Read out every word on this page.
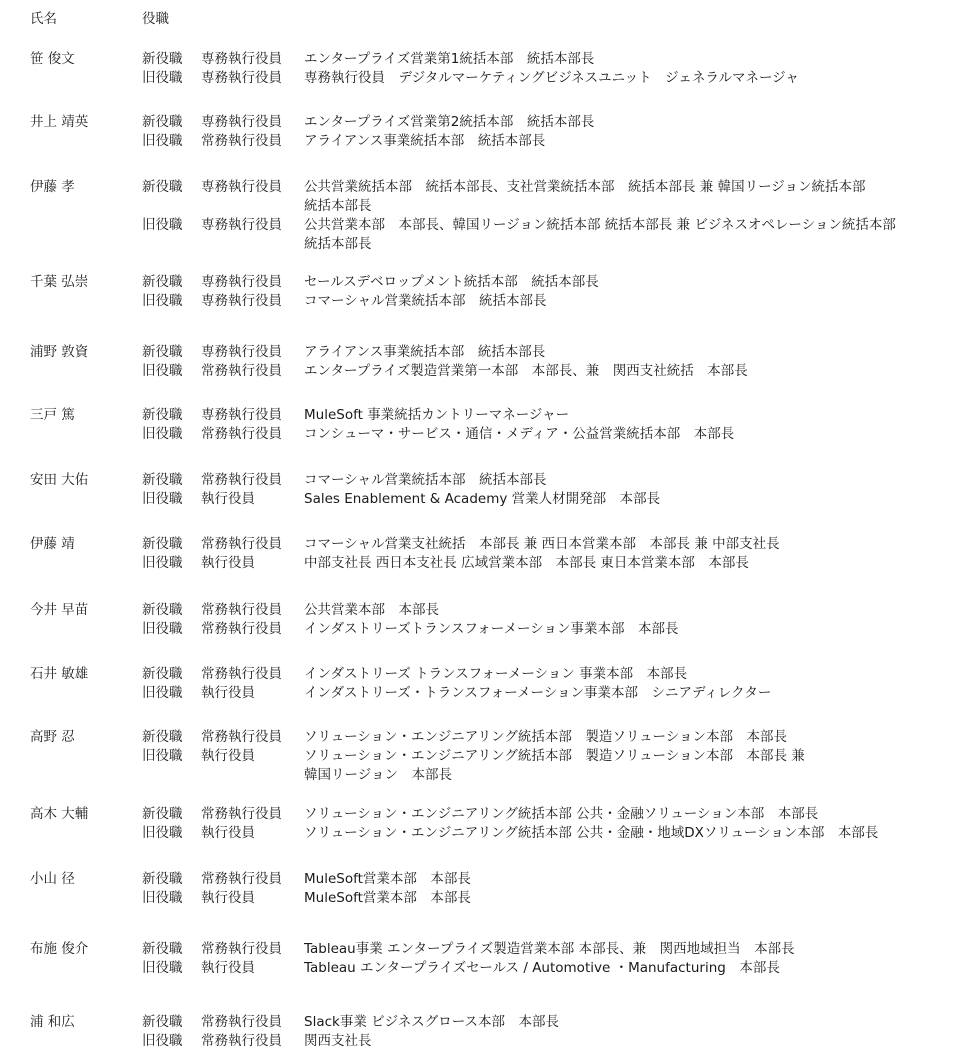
氏名	役職
笹 俊文	新役職 専務執行役員 エンタープライズ営業第1統括本部　統括本部長
旧役職 専務執行役員 専務執行役員　デジタルマーケティングビジネスユニット　ジェネラルマネージャ
井上 靖英	新役職 専務執行役員 エンタープライズ営業第2統括本部　統括本部長
旧役職 常務執行役員 アライアンス事業統括本部　統括本部長
伊藤 孝	新役職 専務執行役員 公共営業統括本部　統括本部長、支社営業統括本部　統括本部長 兼 韓国リージョン統括本部
統括本部長
旧役職 専務執行役員 公共営業本部　本部長、韓国リージョン統括本部 統括本部長 兼 ビジネスオペレーション統括本部
統括本部長
千葉 弘崇	新役職 専務執行役員 セールスデベロップメント統括本部　統括本部長
旧役職 専務執行役員 コマーシャル営業統括本部　統括本部長
浦野 敦資	新役職 専務執行役員 アライアンス事業統括本部　統括本部長
旧役職 常務執行役員 エンタープライズ製造営業第一本部　本部長、兼　関西支社統括　本部長
三戸 篤	新役職 専務執行役員 MuleSoft 事業統括カントリーマネージャー
旧役職 常務執行役員 コンシューマ・サービス・通信・メディア・公益営業統括本部　本部長
安田 大佑	新役職 常務執行役員 コマーシャル営業統括本部　統括本部長
旧役職 執行役員	Sales Enablement & Academy 営業人材開発部　本部長
伊藤 靖	新役職 常務執行役員 コマーシャル営業支社統括　本部長 兼 西日本営業本部　本部長 兼 中部支社長
旧役職 執行役員	中部支社長 西日本支社長 広域営業本部　本部長 東日本営業本部　本部長
今井 早苗	新役職 常務執行役員 公共営業本部　本部長
旧役職 常務執行役員 インダストリーズトランスフォーメーション事業本部　本部長
石井 敏雄	新役職 常務執行役員 インダストリーズ トランスフォーメーション 事業本部　本部長
旧役職 執行役員	インダストリーズ・トランスフォーメーション事業本部　シニアディレクター
高野 忍	新役職 常務執行役員 ソリューション・エンジニアリング統括本部　製造ソリューション本部　本部長
旧役職 執行役員	ソリューション・エンジニアリング統括本部　製造ソリューション本部　本部長 兼
韓国リージョン　本部長
高木 大輔	新役職 常務執行役員 ソリューション・エンジニアリング統括本部 公共・金融ソリューション本部　本部長
旧役職 執行役員	ソリューション・エンジニアリング統括本部 公共・金融・地域DXソリューション本部　本部長
小山 径	新役職 常務執行役員 MuleSoft営業本部　本部長
旧役職 執行役員	MuleSoft営業本部　本部長
布施 俊介	新役職 常務執行役員 Tableau事業 エンタープライズ製造営業本部 本部長、兼　関西地域担当　本部長
旧役職 執行役員	Tableau エンタープライズセールス / Automotive ・Manufacturing　本部長
浦 和広	新役職 常務執行役員 Slack事業 ビジネスグロース本部　本部長
旧役職 常務執行役員 関西支社長
